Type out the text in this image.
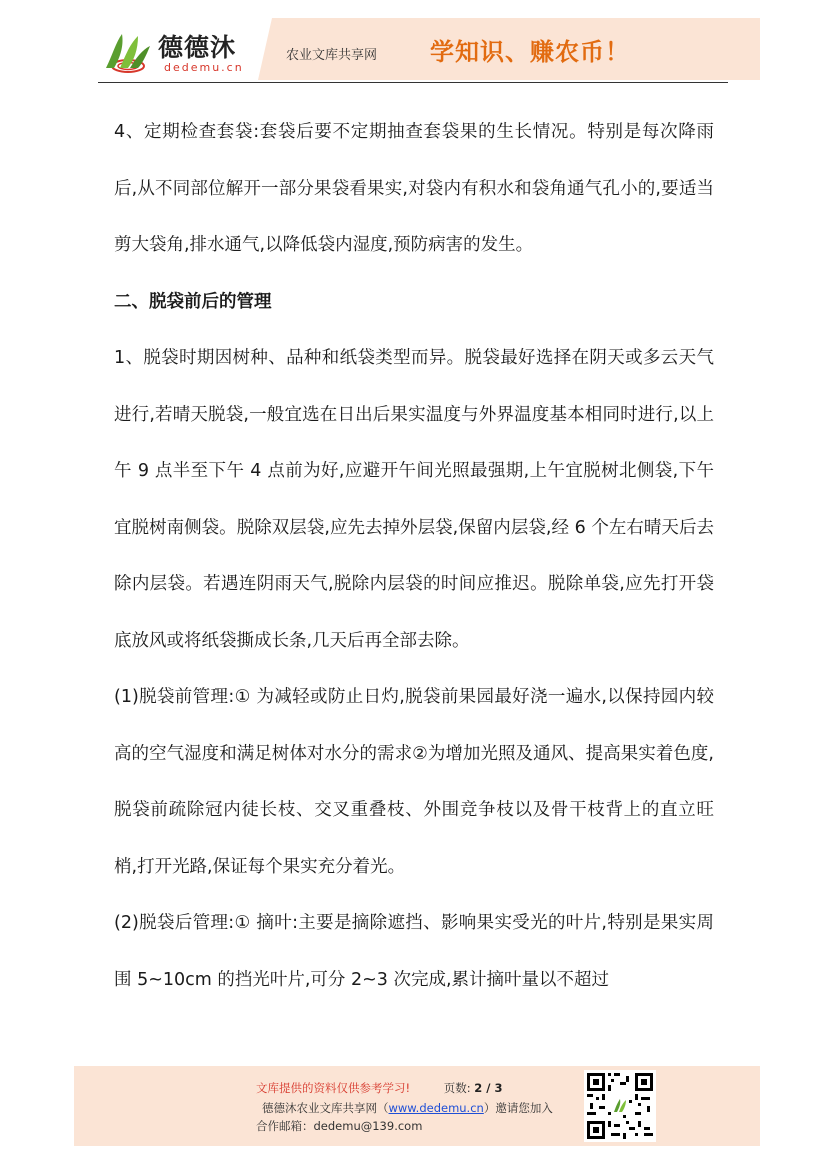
德德沐
dedemu.cn
农业文库共享网 学知识、赚农币！

4、定期检查套袋:套袋后要不定期抽查套袋果的生长情况。特别是每次降雨后,从不同部位解开一部分果袋看果实,对袋内有积水和袋角通气孔小的,要适当剪大袋角,排水通气,以降低袋内湿度,预防病害的发生。

二、脱袋前后的管理

1、脱袋时期因树种、品种和纸袋类型而异。脱袋最好选择在阴天或多云天气进行,若晴天脱袋,一般宜选在日出后果实温度与外界温度基本相同时进行,以上午 9 点半至下午 4 点前为好,应避开午间光照最强期,上午宜脱树北侧袋,下午宜脱树南侧袋。脱除双层袋,应先去掉外层袋,保留内层袋,经 6 个左右晴天后去除内层袋。若遇连阴雨天气,脱除内层袋的时间应推迟。脱除单袋,应先打开袋底放风或将纸袋撕成长条,几天后再全部去除。

(1)脱袋前管理:① 为减轻或防止日灼,脱袋前果园最好浇一遍水,以保持园内较高的空气湿度和满足树体对水分的需求②为增加光照及通风、提高果实着色度,脱袋前疏除冠内徒长枝、交叉重叠枝、外围竞争枝以及骨干枝背上的直立旺梢,打开光路,保证每个果实充分着光。

(2)脱袋后管理:① 摘叶:主要是摘除遮挡、影响果实受光的叶片,特别是果实周围 5~10cm 的挡光叶片,可分 2~3 次完成,累计摘叶量以不超过

文库提供的资料仅供参考学习!	页数: 2 / 3
德德沐农业文库共享网（www.dedemu.cn）邀请您加入
合作邮箱：dedemu@139.com
